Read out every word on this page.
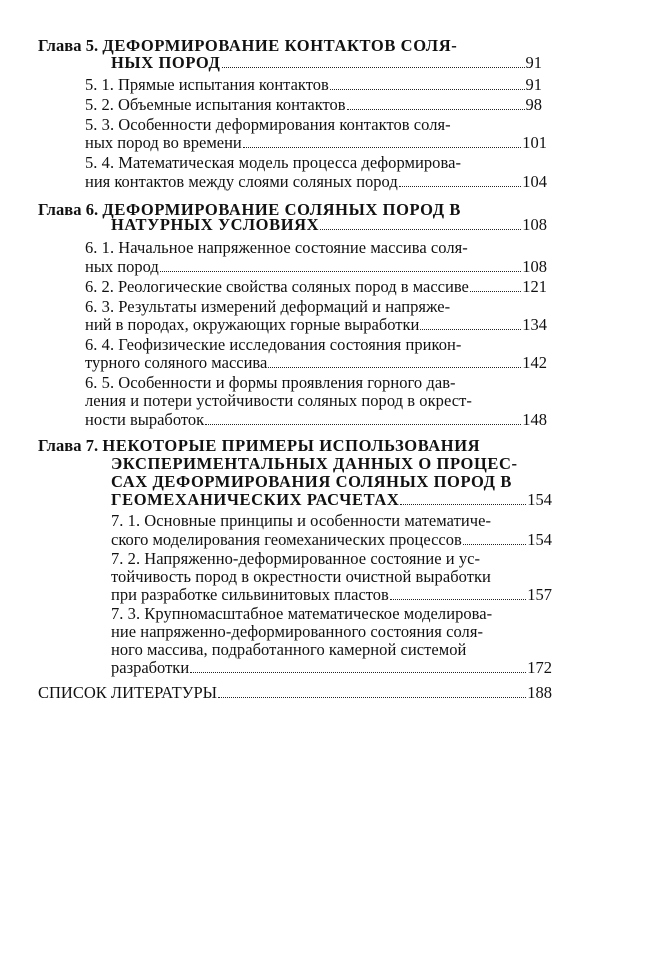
Глава 5. ДЕФОРМИРОВАНИЕ КОНТАКТОВ СОЛЯ-
НЫХ ПОРОД	91
5. 1. Прямые испытания контактов	91
5. 2. Объемные испытания контактов	98
5. 3. Особенности деформирования контактов соля-
ных пород во времени	101
5. 4. Математическая модель процесса деформирова-
ния контактов между слоями соляных пород	104
Глава 6. ДЕФОРМИРОВАНИЕ СОЛЯНЫХ ПОРОД В
НАТУРНЫХ УСЛОВИЯХ	108
6. 1. Начальное напряженное состояние массива соля-
ных пород	108
6. 2. Реологические свойства соляных пород в массиве	121
6. 3. Результаты измерений деформаций и напряже-
ний в породах, окружающих горные выработки	134
6. 4. Геофизические исследования состояния прикон-
турного соляного массива	142
6. 5. Особенности и формы проявления горного дав-
ления и потери устойчивости соляных пород в окрест-
ности выработок	148
Глава 7. НЕКОТОРЫЕ ПРИМЕРЫ ИСПОЛЬЗОВАНИЯ
ЭКСПЕРИМЕНТАЛЬНЫХ ДАННЫХ О ПРОЦЕС-
САХ ДЕФОРМИРОВАНИЯ СОЛЯНЫХ ПОРОД В
ГЕОМЕХАНИЧЕСКИХ РАСЧЕТАХ	154
7. 1. Основные принципы и особенности математиче-
ского моделирования геомеханических процессов	154
7. 2. Напряженно-деформированное состояние и ус-
тойчивость пород в окрестности очистной выработки
при разработке сильвинитовых пластов	157
7. 3. Крупномасштабное математическое моделирова-
ние напряженно-деформированного состояния соля-
ного массива, подработанного камерной системой
разработки	172
СПИСОК ЛИТЕРАТУРЫ	188
